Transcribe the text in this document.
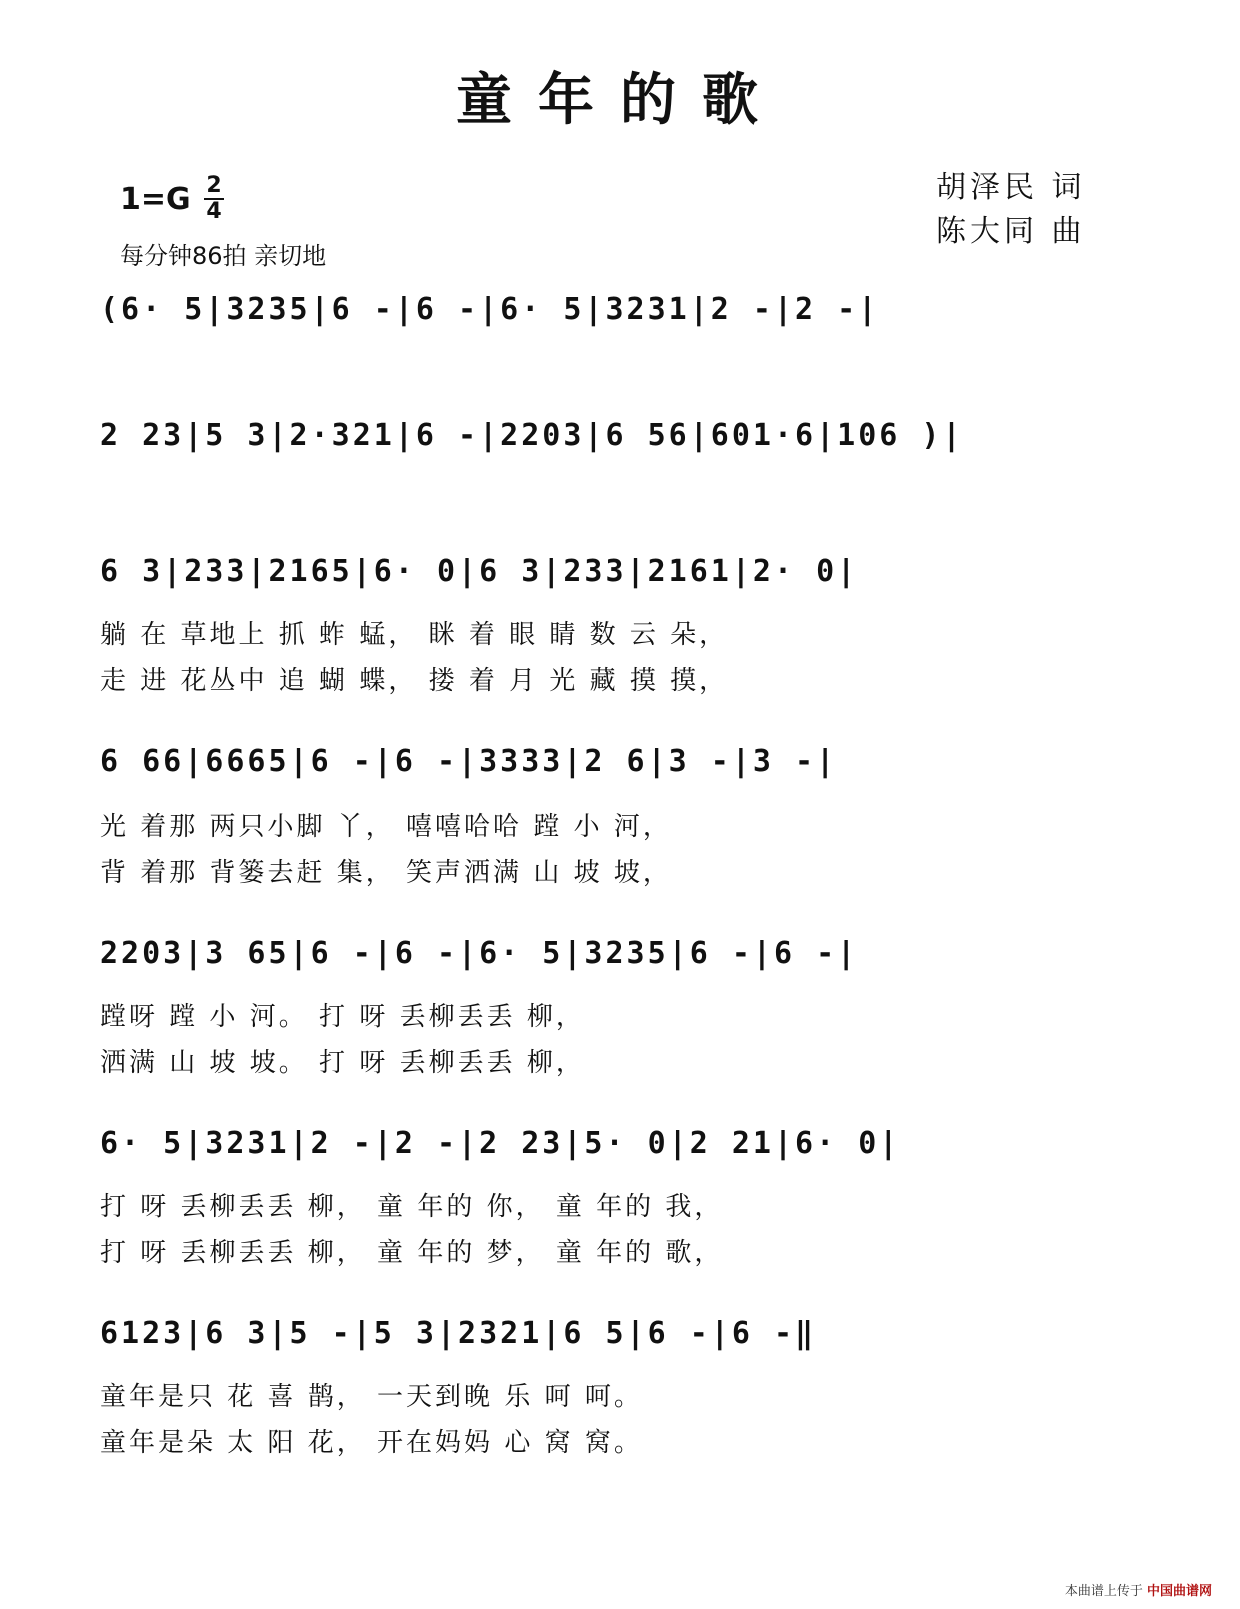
童年的歌
1=G 2
4
每分钟86拍 亲切地
胡泽民 词
陈大同 曲
(6· 5|3235|6 -|6 -|6· 5|3231|2 -|2 -|
2 23|5 3|2·321|6 -|2203|6 56|601·6|106 )|
6 3|233|2165|6· 0|6 3|233|2161|2· 0|
躺 在 草地上 抓 蚱 蜢， 眯 着 眼 睛 数 云 朵，
走 进 花丛中 追 蝴 蝶， 搂 着 月 光 藏 摸 摸，
6 66|6665|6 -|6 -|3333|2 6|3 -|3 -|
光 着那 两只小脚 丫， 嘻嘻哈哈 蹚 小 河，
背 着那 背篓去赶 集， 笑声洒满 山 坡 坡，
2203|3 65|6 -|6 -|6· 5|3235|6 -|6 -|
蹚呀 蹚 小 河。 打 呀 丢柳丢丢 柳，
洒满 山 坡 坡。 打 呀 丢柳丢丢 柳，
6· 5|3231|2 -|2 -|2 23|5· 0|2 21|6· 0|
打 呀 丢柳丢丢 柳， 童 年的 你， 童 年的 我，
打 呀 丢柳丢丢 柳， 童 年的 梦， 童 年的 歌，
6123|6 3|5 -|5 3|2321|6 5|6 -|6 -‖
童年是只 花 喜 鹊， 一天到晚 乐 呵 呵。
童年是朵 太 阳 花， 开在妈妈 心 窝 窝。
本曲谱上传于 中国曲谱网
